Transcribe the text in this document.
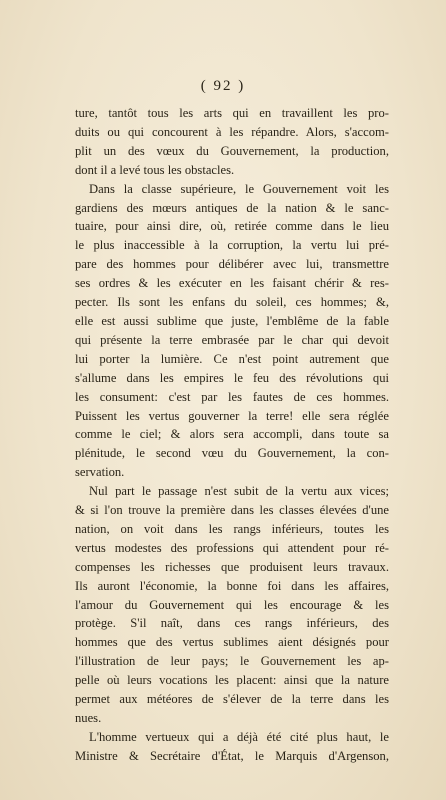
( 92 )
ture, tantôt tous les arts qui en travaillent les pro-
duits ou qui concourent à les répandre. Alors, s'accom-
plit un des vœux du Gouvernement, la production,
dont il a levé tous les obstacles.
Dans la classe supérieure, le Gouvernement voit les
gardiens des mœurs antiques de la nation & le sanc-
tuaire, pour ainsi dire, où, retirée comme dans le lieu
le plus inaccessible à la corruption, la vertu lui pré-
pare des hommes pour délibérer avec lui, transmettre
ses ordres & les exécuter en les faisant chérir & res-
pecter. Ils sont les enfans du soleil, ces hommes; &,
elle est aussi sublime que juste, l'emblême de la fable
qui présente la terre embrasée par le char qui devoit
lui porter la lumière. Ce n'est point autrement que
s'allume dans les empires le feu des révolutions qui
les consument: c'est par les fautes de ces hommes.
Puissent les vertus gouverner la terre! elle sera réglée
comme le ciel; & alors sera accompli, dans toute sa
plénitude, le second vœu du Gouvernement, la con-
servation.
Nul part le passage n'est subit de la vertu aux vices;
& si l'on trouve la première dans les classes élevées d'une
nation, on voit dans les rangs inférieurs, toutes les
vertus modestes des professions qui attendent pour ré-
compenses les richesses que produisent leurs travaux.
Ils auront l'économie, la bonne foi dans les affaires,
l'amour du Gouvernement qui les encourage & les
protège. S'il naît, dans ces rangs inférieurs, des
hommes que des vertus sublimes aient désignés pour
l'illustration de leur pays; le Gouvernement les ap-
pelle où leurs vocations les placent: ainsi que la nature
permet aux météores de s'élever de la terre dans les
nues.
L'homme vertueux qui a déjà été cité plus haut, le
Ministre & Secrétaire d'État, le Marquis d'Argenson,
